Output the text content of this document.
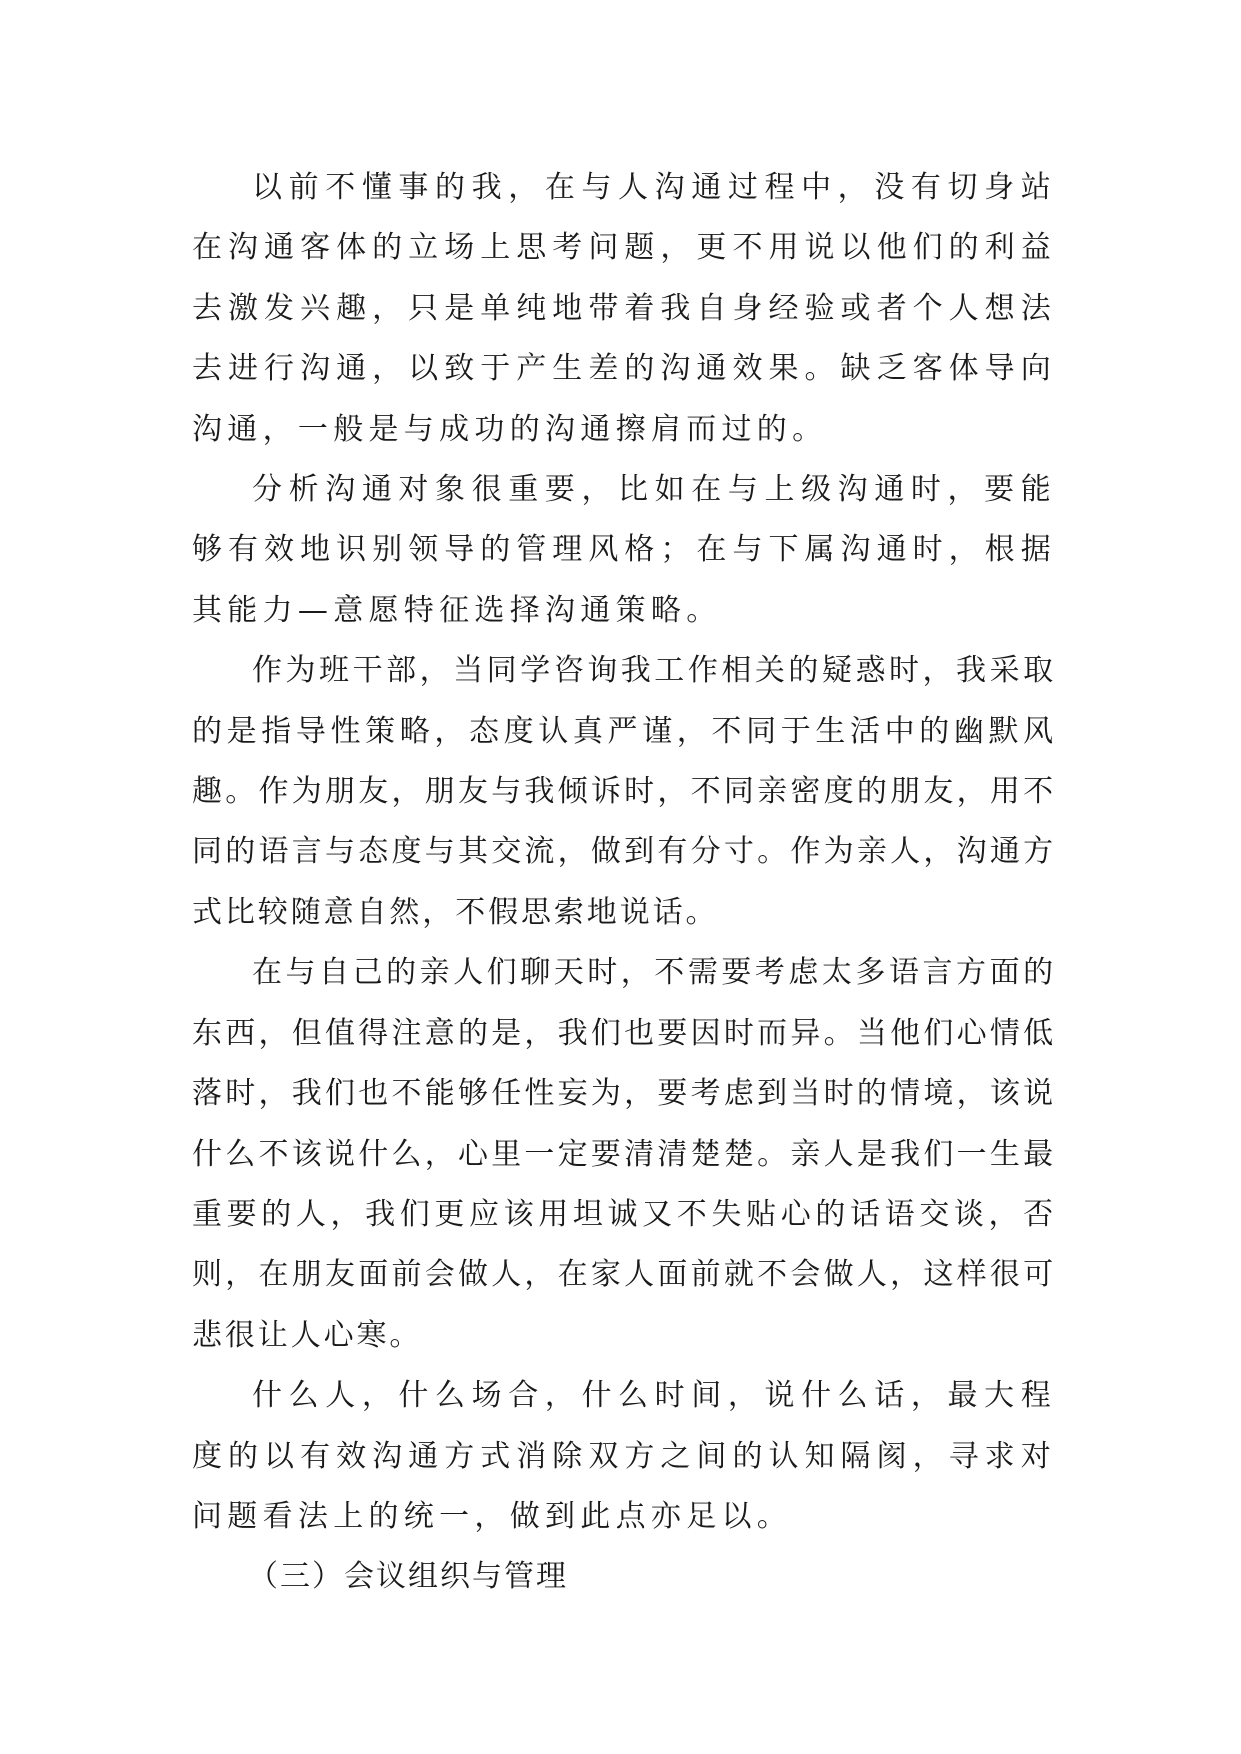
以前不懂事的我，在与人沟通过程中，没有切身站在沟通客体的立场上思考问题，更不用说以他们的利益去激发兴趣，只是单纯地带着我自身经验或者个人想法去进行沟通，以致于产生差的沟通效果。缺乏客体导向沟通，一般是与成功的沟通擦肩而过的。

分析沟通对象很重要，比如在与上级沟通时，要能够有效地识别领导的管理风格；在与下属沟通时，根据其能力—意愿特征选择沟通策略。

作为班干部，当同学咨询我工作相关的疑惑时，我采取的是指导性策略，态度认真严谨，不同于生活中的幽默风趣。作为朋友，朋友与我倾诉时，不同亲密度的朋友，用不同的语言与态度与其交流，做到有分寸。作为亲人，沟通方式比较随意自然，不假思索地说话。

在与自己的亲人们聊天时，不需要考虑太多语言方面的东西，但值得注意的是，我们也要因时而异。当他们心情低落时，我们也不能够任性妄为，要考虑到当时的情境，该说什么不该说什么，心里一定要清清楚楚。亲人是我们一生最重要的人，我们更应该用坦诚又不失贴心的话语交谈，否则，在朋友面前会做人，在家人面前就不会做人，这样很可悲很让人心寒。

什么人，什么场合，什么时间，说什么话，最大程度的以有效沟通方式消除双方之间的认知隔阂，寻求对问题看法上的统一，做到此点亦足以。

（三）会议组织与管理
